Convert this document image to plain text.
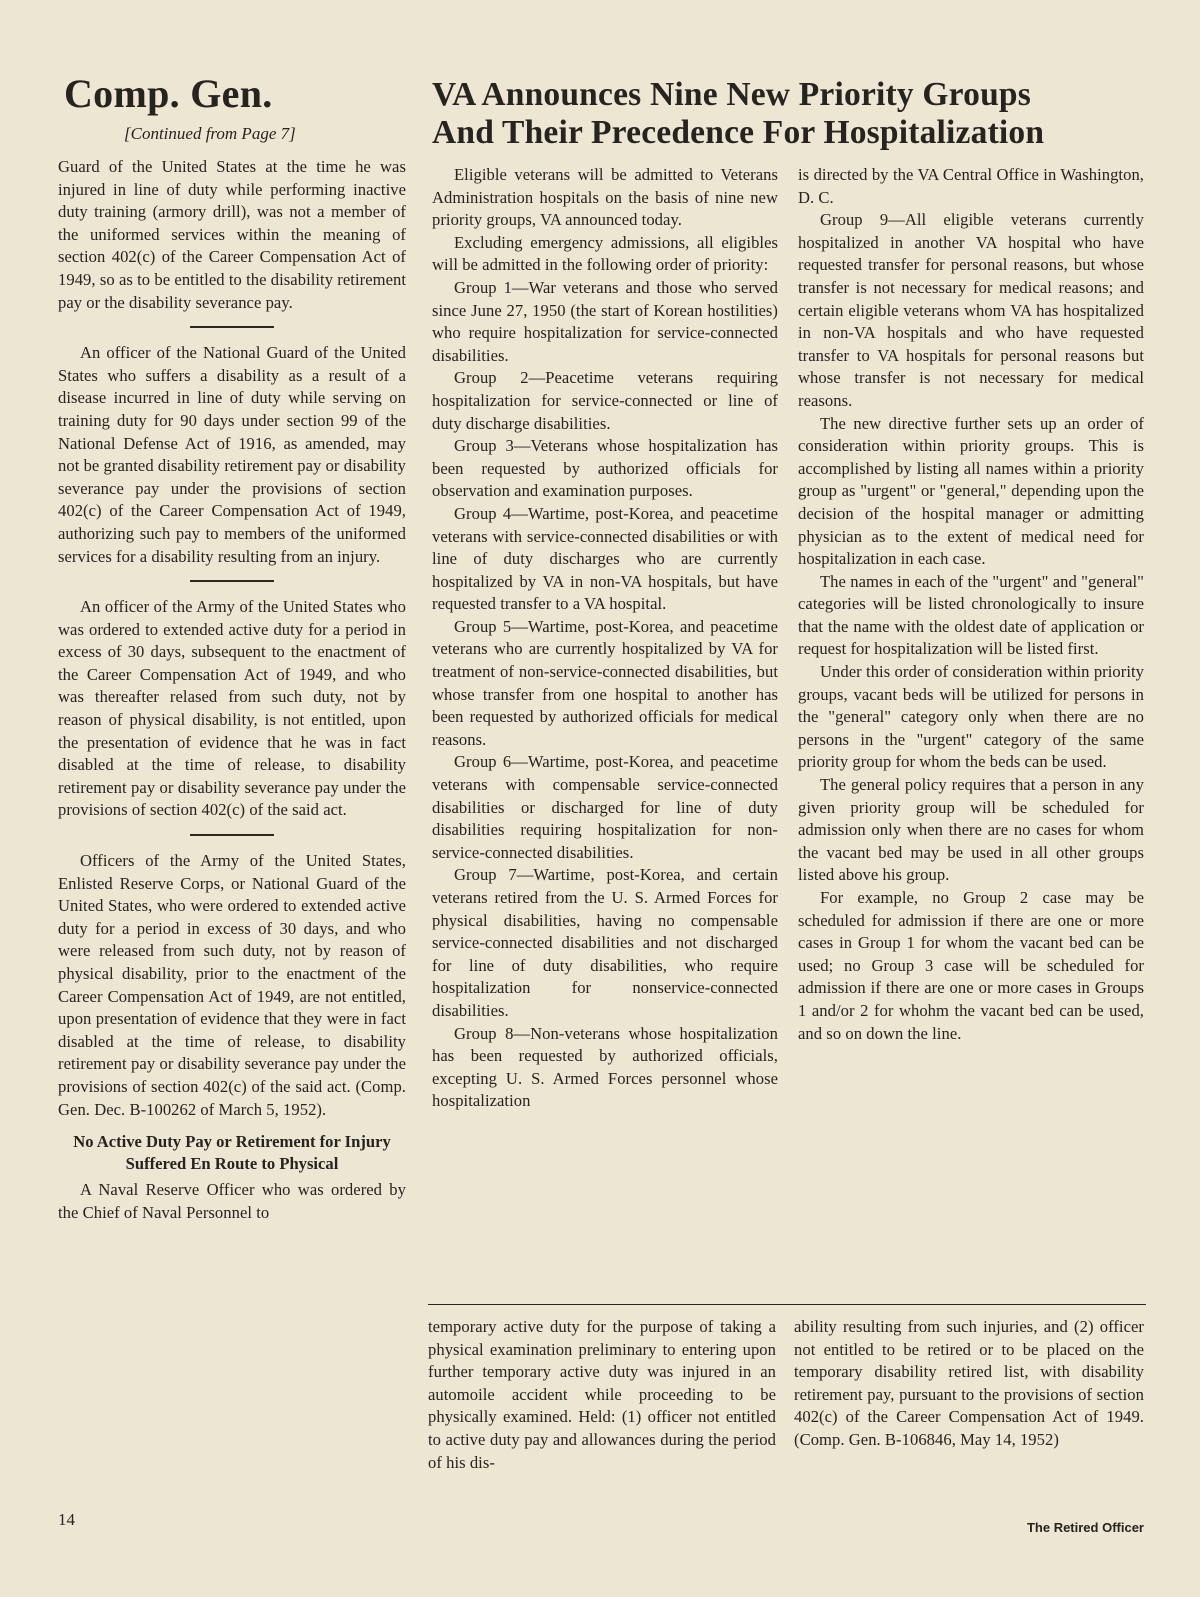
Comp. Gen.

[Continued from Page 7]

Guard of the United States at the time he was injured in line of duty while performing inactive duty training (armory drill), was not a member of the uniformed services within the meaning of section 402(c) of the Career Compensation Act of 1949, so as to be entitled to the disability retirement pay or the disability severance pay.

An officer of the National Guard of the United States who suffers a disability as a result of a disease incurred in line of duty while serving on training duty for 90 days under section 99 of the National Defense Act of 1916, as amended, may not be granted disability retirement pay or disability severance pay under the provisions of section 402(c) of the Career Compensation Act of 1949, authorizing such pay to members of the uniformed services for a disability resulting from an injury.

An officer of the Army of the United States who was ordered to extended active duty for a period in excess of 30 days, subsequent to the enactment of the Career Compensation Act of 1949, and who was thereafter relased from such duty, not by reason of physical disability, is not entitled, upon the presentation of evidence that he was in fact disabled at the time of release, to disability retirement pay or disability severance pay under the provisions of section 402(c) of the said act.

Officers of the Army of the United States, Enlisted Reserve Corps, or National Guard of the United States, who were ordered to extended active duty for a period in excess of 30 days, and who were released from such duty, not by reason of physical disability, prior to the enactment of the Career Compensation Act of 1949, are not entitled, upon presentation of evidence that they were in fact disabled at the time of release, to disability retirement pay or disability severance pay under the provisions of section 402(c) of the said act. (Comp. Gen. Dec. B-100262 of March 5, 1952).

No Active Duty Pay or Retirement for Injury Suffered En Route to Physical

A Naval Reserve Officer who was ordered by the Chief of Naval Personnel to

VA Announces Nine New Priority Groups
And Their Precedence For Hospitalization

Eligible veterans will be admitted to Veterans Administration hospitals on the basis of nine new priority groups, VA announced today.

Excluding emergency admissions, all eligibles will be admitted in the following order of priority:

Group 1—War veterans and those who served since June 27, 1950 (the start of Korean hostilities) who require hospitalization for service-connected disabilities.

Group 2—Peacetime veterans requiring hospitalization for service-connected or line of duty discharge disabilities.

Group 3—Veterans whose hospitalization has been requested by authorized officials for observation and examination purposes.

Group 4—Wartime, post-Korea, and peacetime veterans with service-connected disabilities or with line of duty discharges who are currently hospitalized by VA in non-VA hospitals, but have requested transfer to a VA hospital.

Group 5—Wartime, post-Korea, and peacetime veterans who are currently hospitalized by VA for treatment of non-service-connected disabilities, but whose transfer from one hospital to another has been requested by authorized officials for medical reasons.

Group 6—Wartime, post-Korea, and peacetime veterans with compensable service-connected disabilities or discharged for line of duty disabilities requiring hospitalization for non-service-connected disabilities.

Group 7—Wartime, post-Korea, and certain veterans retired from the U. S. Armed Forces for physical disabilities, having no compensable service-connected disabilities and not discharged for line of duty disabilities, who require hospitalization for nonservice-connected disabilities.

Group 8—Non-veterans whose hospitalization has been requested by authorized officials, excepting U. S. Armed Forces personnel whose hospitalization

is directed by the VA Central Office in Washington, D. C.

Group 9—All eligible veterans currently hospitalized in another VA hospital who have requested transfer for personal reasons, but whose transfer is not necessary for medical reasons; and certain eligible veterans whom VA has hospitalized in non-VA hospitals and who have requested transfer to VA hospitals for personal reasons but whose transfer is not necessary for medical reasons.

The new directive further sets up an order of consideration within priority groups. This is accomplished by listing all names within a priority group as "urgent" or "general," depending upon the decision of the hospital manager or admitting physician as to the extent of medical need for hospitalization in each case.

The names in each of the "urgent" and "general" categories will be listed chronologically to insure that the name with the oldest date of application or request for hospitalization will be listed first.

Under this order of consideration within priority groups, vacant beds will be utilized for persons in the "general" category only when there are no persons in the "urgent" category of the same priority group for whom the beds can be used.

The general policy requires that a person in any given priority group will be scheduled for admission only when there are no cases for whom the vacant bed may be used in all other groups listed above his group.

For example, no Group 2 case may be scheduled for admission if there are one or more cases in Group 1 for whom the vacant bed can be used; no Group 3 case will be scheduled for admission if there are one or more cases in Groups 1 and/or 2 for whohm the vacant bed can be used, and so on down the line.

temporary active duty for the purpose of taking a physical examination preliminary to entering upon further temporary active duty was injured in an automoile accident while proceeding to be physically examined. Held: (1) officer not entitled to active duty pay and allowances during the period of his dis-

ability resulting from such injuries, and (2) officer not entitled to be retired or to be placed on the temporary disability retired list, with disability retirement pay, pursuant to the provisions of section 402(c) of the Career Compensation Act of 1949. (Comp. Gen. B-106846, May 14, 1952)

14	The Retired Officer
